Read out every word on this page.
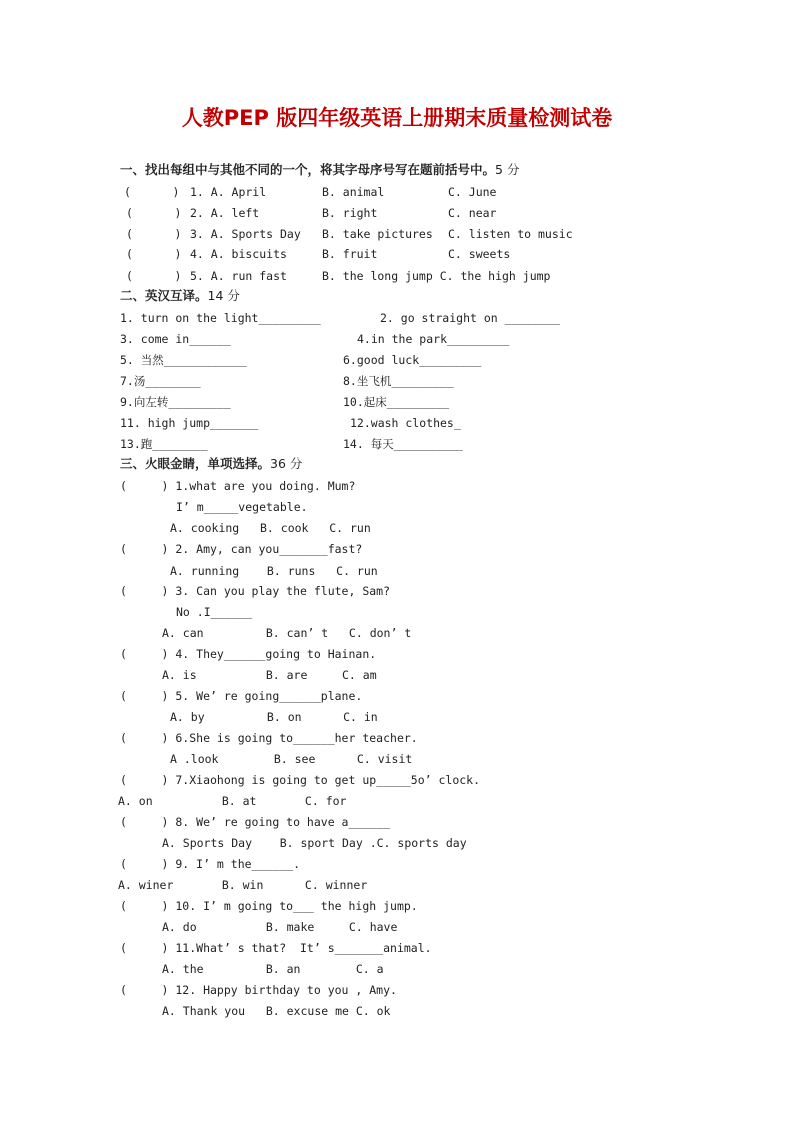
人教PEP 版四年级英语上册期末质量检测试卷
一、找出每组中与其他不同的一个，将其字母序号写在题前括号中。5 分
(      ) 1. A. April	B. animal	C. June
(      ) 2. A. left	B. right	C. near
(      ) 3. A. Sports Day B. take pictures C. listen to music
(      ) 4. A. biscuits	B. fruit	C. sweets
(      ) 5. A. run fast	B. the long jump C. the high jump
二、英汉互译。14 分
1. turn on the light_________	2. go straight on ________
3. come in______	4.in the park_________
5. 当然____________	6.good luck_________
7.汤________	8.坐飞机_________
9.向左转_________	10.起床_________
11. high jump_______	12.wash clothes_
13.跑________	14. 每天__________
三、火眼金睛，单项选择。36 分
(     ) 1.what are you doing. Mum?
I’ m_____vegetable.
A. cooking   B. cook   C. run
(     ) 2. Amy, can you_______fast?
A. running    B. runs   C. run
(     ) 3. Can you play the flute, Sam?
No .I______
A. can         B. can’ t   C. don’ t
(     ) 4. They______going to Hainan.
A. is          B. are     C. am
(     ) 5. We’ re going______plane.
A. by         B. on      C. in
(     ) 6.She is going to______her teacher.
A .look        B. see      C. visit
(     ) 7.Xiaohong is going to get up_____5o’ clock.
A. on          B. at       C. for
(     ) 8. We’ re going to have a______
A. Sports Day    B. sport Day .C. sports day
(     ) 9. I’ m the______.
A. winer       B. win      C. winner
(     ) 10. I’ m going to___ the high jump.
A. do          B. make     C. have
(     ) 11.What’ s that?  It’ s_______animal.
A. the         B. an        C. a
(     ) 12. Happy birthday to you , Amy.
A. Thank you   B. excuse me C. ok
